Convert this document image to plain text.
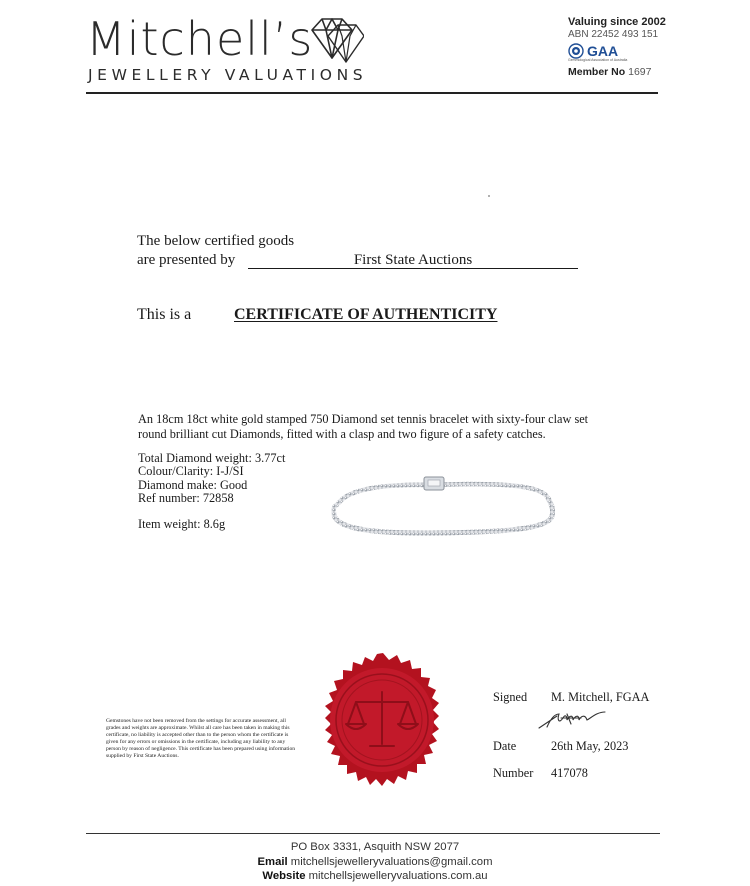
Mitchell’s
JEWELLERY VALUATIONS
Valuing since 2002
ABN 22452 493 151
GAA
Gemmological Association of Australia
Member No 1697
The below certified goods
are presented by	First State Auctions
This is a	CERTIFICATE OF AUTHENTICITY
An 18cm 18ct white gold stamped 750 Diamond set tennis bracelet with sixty-four claw set round brilliant cut Diamonds, fitted with a clasp and two figure of a safety catches.
Total Diamond weight: 3.77ct
Colour/Clarity: I-J/SI
Diamond make: Good
Ref number: 72858
Item weight: 8.6g
Gemstones have not been removed from the settings for accurate assessment, all grades and weights are approximate. Whilst all care has been taken in making this certificate, no liability is accepted other than to the person whom the certificate is given for any errors or omissions in the certificate, including any liability to any person by reason of negligence. This certificate has been prepared using information supplied by First State Auctions.
Signed M. Mitchell, FGAA
Date	26th May, 2023
Number 417078
PO Box 3331, Asquith NSW 2077
Email mitchellsjewelleryvaluations@gmail.com
Website mitchellsjewelleryvaluations.com.au
